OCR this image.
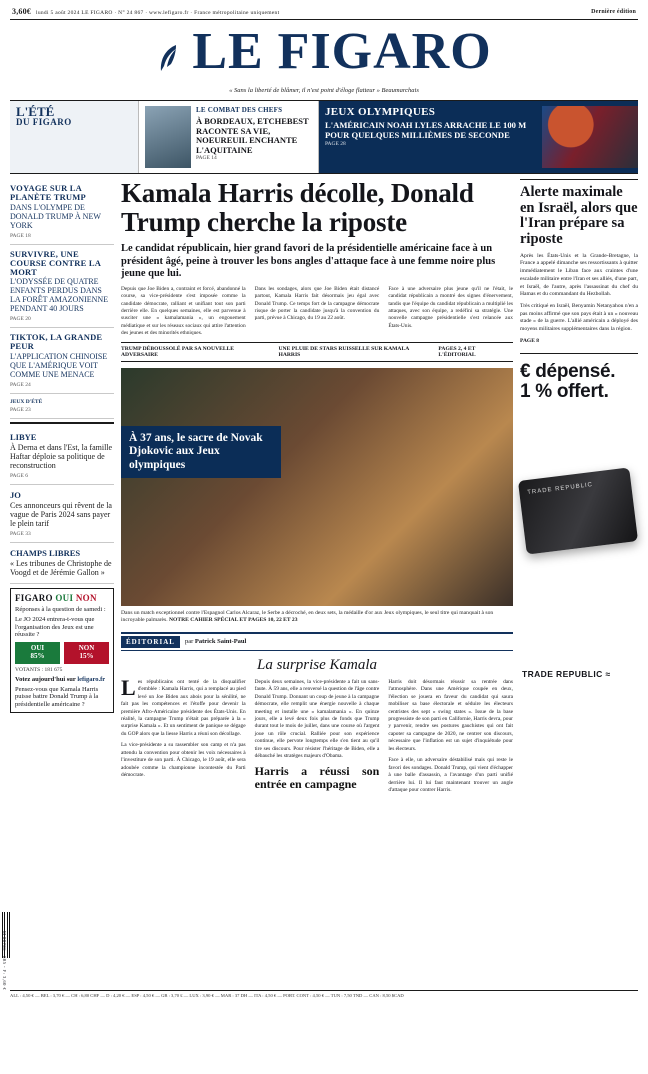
3,60€ lundi 5 août 2024 LE FIGARO · N° 24 867 · www.lefigaro.fr · France métropolitaine uniquement	Dernière édition
LE FIGARO
« Sans la liberté de blâmer, il n'est point d'éloge flatteur » Beaumarchais
L'ÉTÉ
DU FIGARO
LE COMBAT DES CHEFS
À BORDEAUX, ETCHEBEST RACONTE SA VIE, NOEUREUIL ENCHANTE L'AQUITAINE
PAGE 14
JEUX OLYMPIQUES
L'AMÉRICAIN NOAH LYLES ARRACHE LE 100 M POUR QUELQUES MILLIÈMES DE SECONDE
PAGE 28
VOYAGE SUR LA PLANÈTE TRUMP
DANS L'OLYMPE DE DONALD TRUMP À NEW YORK
PAGE 18
SURVIVRE, UNE COURSE CONTRE LA MORT
L'ODYSSÉE DE QUATRE ENFANTS PERDUS DANS LA FORÊT AMAZONIENNE PENDANT 40 JOURS
PAGE 20
TIKTOK, LA GRANDE PEUR
L'APPLICATION CHINOISE QUE L'AMÉRIQUE VOIT COMME UNE MENACE
PAGE 24
JEUX D'ÉTÉ
PAGE 23
LIBYE
À Derna et dans l'Est, la famille Haftar déploie sa politique de reconstruction
PAGE 6
JO
Ces annonceurs qui rêvent de la vague de Paris 2024 sans payer le plein tarif
PAGE 33
CHAMPS LIBRES
« Les tribunes de Christophe de Voogd et de Jérémie Gallon »
FIGARO OUI NON
Réponses à la question de samedi :
Le JO 2024 entrera-t-vous que l'organisation des Jeux est une réussite ?
OUI
85%
NON
15%
VOTANTS : 181 675
Votez aujourd'hui sur lefigaro.fr
Pensez-vous que Kamala Harris puisse battre Donald Trump à la présidentielle américaine ?
Kamala Harris décolle, Donald Trump cherche la riposte
Le candidat républicain, hier grand favori de la présidentielle américaine face à un président âgé, peine à trouver les bons angles d'attaque face à une femme noire plus jeune que lui.

Depuis que Joe Biden a, contraint et forcé, abandonné la course, sa vice-présidente s'est imposée comme la candidate démocrate, ralliant et unifiant tout son parti derrière elle. En quelques semaines, elle est parvenue à susciter une « kamalamania », un engouement médiatique et sur les réseaux sociaux qui attire l'attention des jeunes et des minorités ethniques.

Dans les sondages, alors que Joe Biden était distancé partout, Kamala Harris fait désormais jeu égal avec Donald Trump. Ce temps fort de la campagne démocrate risque de porter la candidate jusqu'à la convention du parti, prévue à Chicago, du 19 au 22 août.

Face à une adversaire plus jeune qu'il ne l'était, le candidat républicain a montré des signes d'énervement, tandis que l'équipe du candidat républicain a multiplié les attaques, avec son équipe, a redéfini sa stratégie. Une nouvelle campagne présidentielle s'est relancée aux États-Unis.

TRUMP DÉBOUSSOLÉ PAR SA NOUVELLE ADVERSAIRE
UNE PLUIE DE STARS RUISSELLE SUR KAMALA HARRIS
PAGES 2, 4 ET L'ÉDITORIAL
À 37 ans, le sacre de Novak Djokovic aux Jeux olympiques
Dans un match exceptionnel contre l'Espagnol Carlos Alcaraz, le Serbe a décroché, en deux sets, la médaille d'or aux Jeux olympiques, le seul titre qui manquait à son incroyable palmarès. NOTRE CAHIER SPÉCIAL ET PAGES 10, 22 ET 23
ÉDITORIAL	par Patrick Saint-Paul
La surprise Kamala

Les républicains ont tenté de la disqualifier d'emblée : Kamala Harris, qui a remplacé au pied levé un Joe Biden aux abois pour la sénilité, ne fait pas les compétences et l'étoffe pour devenir la première Afro-Américaine présidente des États-Unis. En réalité, la campagne Trump n'était pas préparée à la « surprise Kamala ». Et un sentiment de panique se dégage du GOP alors que la liesse Harris a réuni son décollage.

La vice-présidente a su rassembler son camp et n'a pas attendu la convention pour obtenir les voix nécessaires à l'investiture de son parti. À Chicago, le 19 août, elle sera adoubée comme la championne incontestée du Parti démocrate.

Depuis deux semaines, la vice-présidente a fait un sans-faute. À 59 ans, elle a renversé la question de l'âge contre Donald Trump. Donnant un coup de jeune à la campagne démocrate, elle remplit une énergie nouvelle à chaque meeting et installe une « kamalamania ». En quinze jours, elle a levé deux fois plus de fonds que Trump durant tout le mois de juillet, dans une course où l'argent joue un rôle crucial. Ralliée pour son expérience continue, elle pervote longtemps elle s'en tient au qu'il tire ses discours. Pour résister l'héritage de Biden, elle a débauché les stratèges majeurs d'Obama.

Harris a réussi son entrée en campagne

Harris doit désormais réussir sa rentrée dans l'atmosphère. Dans une Amérique coupée en deux, l'élection se jouera en faveur du candidat qui saura mobiliser sa base électorale et séduire les électeurs centristes des sept « swing states ». Issue de la base progressiste de son parti en Californie, Harris devra, pour y parvenir, rendre ses postures gauchistes qui ont fait capoter sa campagne de 2020, ne centrer son discours, nécessaire que l'inflation est un sujet d'inquiétude pour les électeurs.

Face à elle, un adversaire déstabilisé mais qui reste le favori des sondages. Donald Trump, qui vient d'échapper à une balle d'assassin, a l'avantage d'un parti unifié derrière lui. Il lui faut maintenant trouver un angle d'attaque pour contrer Harris.

Alerte maximale en Israël, alors que l'Iran prépare sa riposte

Après les États-Unis et la Grande-Bretagne, la France a appelé dimanche ses ressortissants à quitter immédiatement le Liban face aux craintes d'une escalade militaire entre l'Iran et ses alliés, d'une part, et Israël, de l'autre, après l'assassinat du chef du Hamas et du commandant du Hezbollah.

Très critiqué en Israël, Benyamin Netanyahou n'en a pas moins affirmé que son pays était à un « nouveau stade » de la guerre. L'allié américain a déployé des moyens militaires supplémentaires dans la région.

PAGE 8

€ dépensé.
1 % offert.
TRADE REPUBLIC
TRADE REPUBLIC ≈
M 00706 - 805 - F: 3,60 €
ALL : 4,50 € — BEL : 3,70 € — CH : 6,80 CHF — D : 4,20 € — ESP : 4,50 € — GB : 3,70 £ — LUX : 3,90 € — MAR : 37 DH — ITA : 4,50 € — PORT. CONT : 4,50 € — TUN : 7,50 TND — CAN : 8,50 $CAD
